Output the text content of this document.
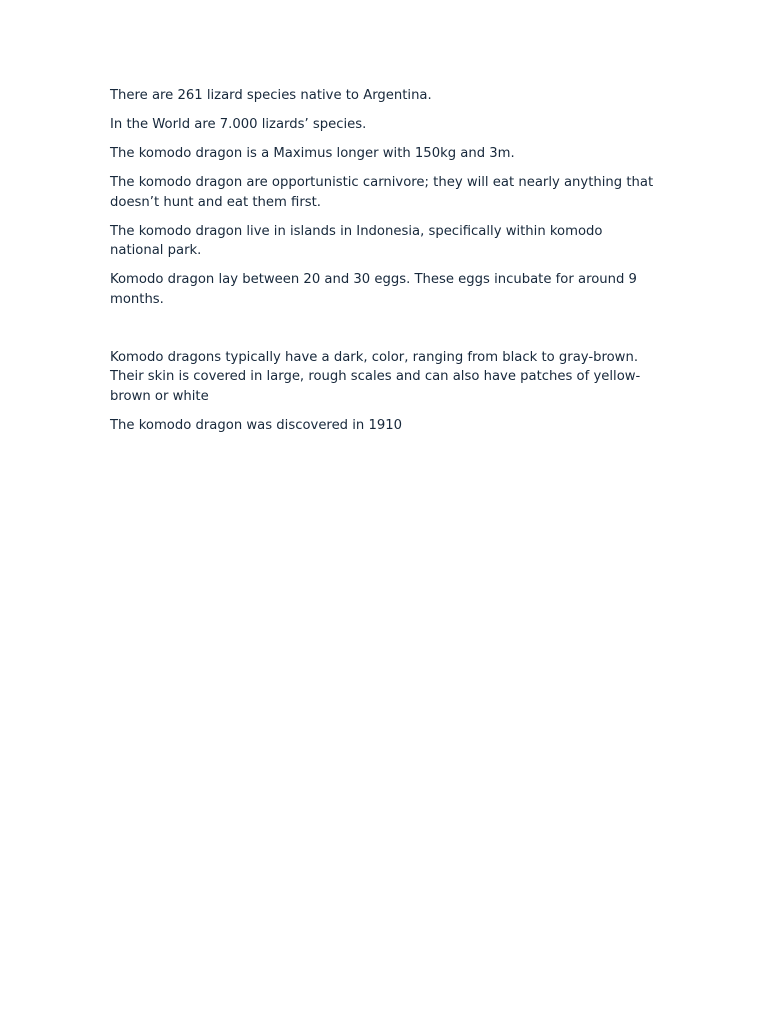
There are 261 lizard species native to Argentina.

In the World are 7.000 lizards’ species.

The komodo dragon is a Maximus longer with 150kg and 3m.

The komodo dragon are opportunistic carnivore; they will eat nearly anything that doesn’t hunt and eat them first.

The komodo dragon live in islands in Indonesia, specifically within komodo national park.

Komodo dragon lay between 20 and 30 eggs. These eggs incubate for around 9 months.

Komodo dragons typically have a dark, color, ranging from black to gray-brown. Their skin is covered in large, rough scales and can also have patches of yellow-brown or white

The komodo dragon was discovered in 1910
